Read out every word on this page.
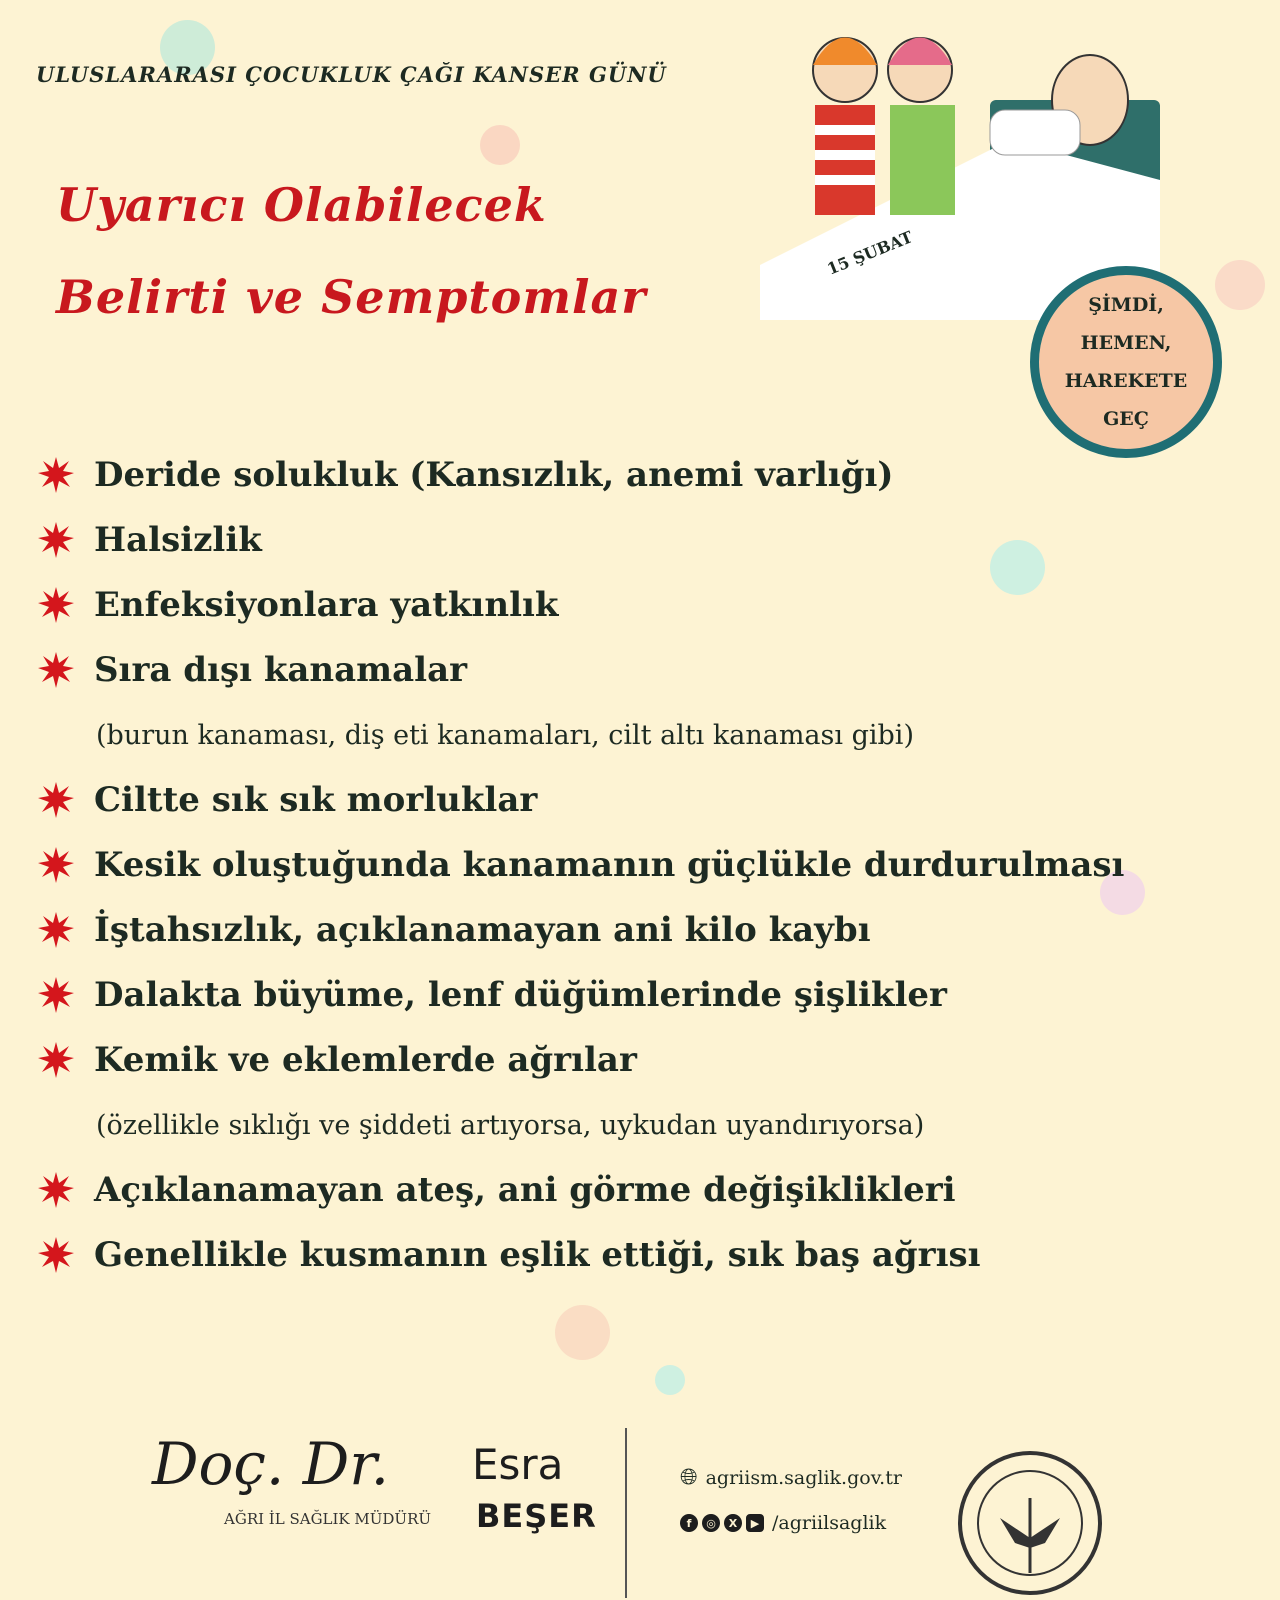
ULUSLARARASI ÇOCUKLUK ÇAĞI KANSER GÜNÜ
Uyarıcı Olabilecek
Belirti ve Semptomlar
15 ŞUBAT
ŞİMDİ,
HEMEN,
HAREKETE
GEÇ
Deride solukluk (Kansızlık, anemi varlığı)
Halsizlik
Enfeksiyonlara yatkınlık
Sıra dışı kanamalar
(burun kanaması, diş eti kanamaları, cilt altı kanaması gibi)
Ciltte sık sık morluklar
Kesik oluştuğunda kanamanın güçlükle durdurulması
İştahsızlık, açıklanamayan ani kilo kaybı
Dalakta büyüme, lenf düğümlerinde şişlikler
Kemik ve eklemlerde ağrılar
(özellikle sıklığı ve şiddeti artıyorsa, uykudan uyandırıyorsa)
Açıklanamayan ateş, ani görme değişiklikleri
Genellikle kusmanın eşlik ettiği, sık baş ağrısı
Doç. Dr. Esra
BEŞER
AĞRI İL SAĞLIK MÜDÜRÜ
🌐︎ agriism.saglik.gov.tr
f	◎	X	▶ /agriilsaglik
